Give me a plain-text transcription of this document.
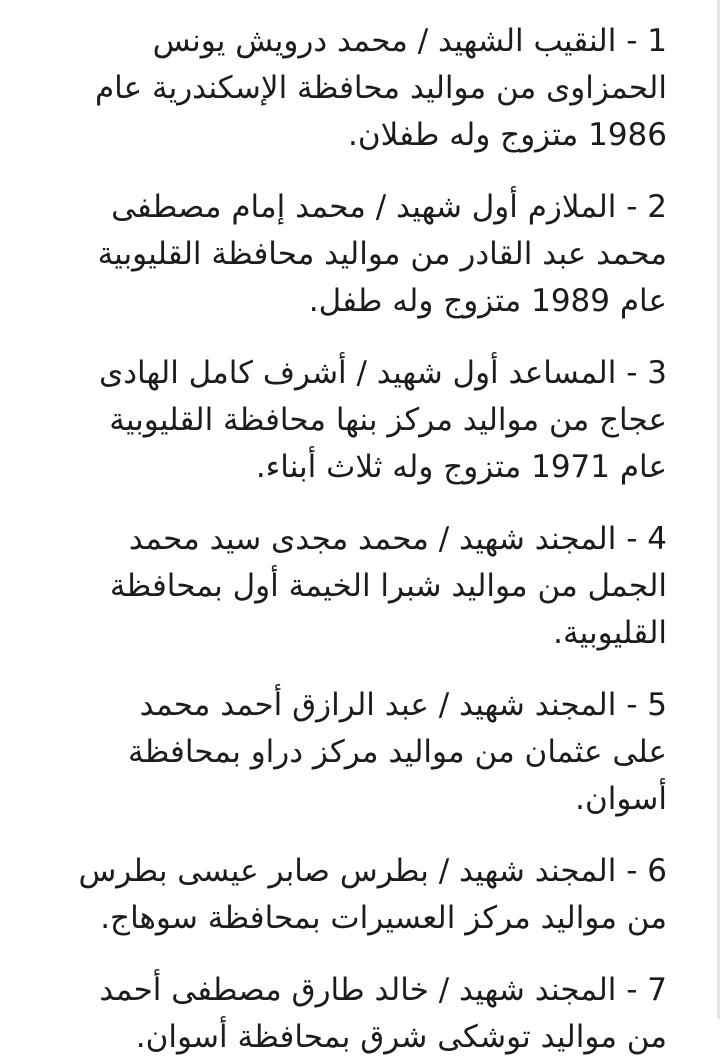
1 - النقيب الشهيد / محمد درويش يونس الحمزاوى من مواليد محافظة الإسكندرية عام 1986 متزوج وله طفلان.

2 - الملازم أول شهيد / محمد إمام مصطفى محمد عبد القادر من مواليد محافظة القليوبية عام 1989 متزوج وله طفل.

3 - المساعد أول شهيد / أشرف كامل الهادى عجاج من مواليد مركز بنها محافظة القليوبية عام 1971 متزوج وله ثلاث أبناء.

4 - المجند شهيد / محمد مجدى سيد محمد الجمل من مواليد شبرا الخيمة أول بمحافظة القليوبية.

5 - المجند شهيد / عبد الرازق أحمد محمد على عثمان من مواليد مركز دراو بمحافظة أسوان.

6 - المجند شهيد / بطرس صابر عيسى بطرس من مواليد مركز العسيرات بمحافظة سوهاج.

7 - المجند شهيد / خالد طارق مصطفى أحمد من مواليد توشكى شرق بمحافظة أسوان.
